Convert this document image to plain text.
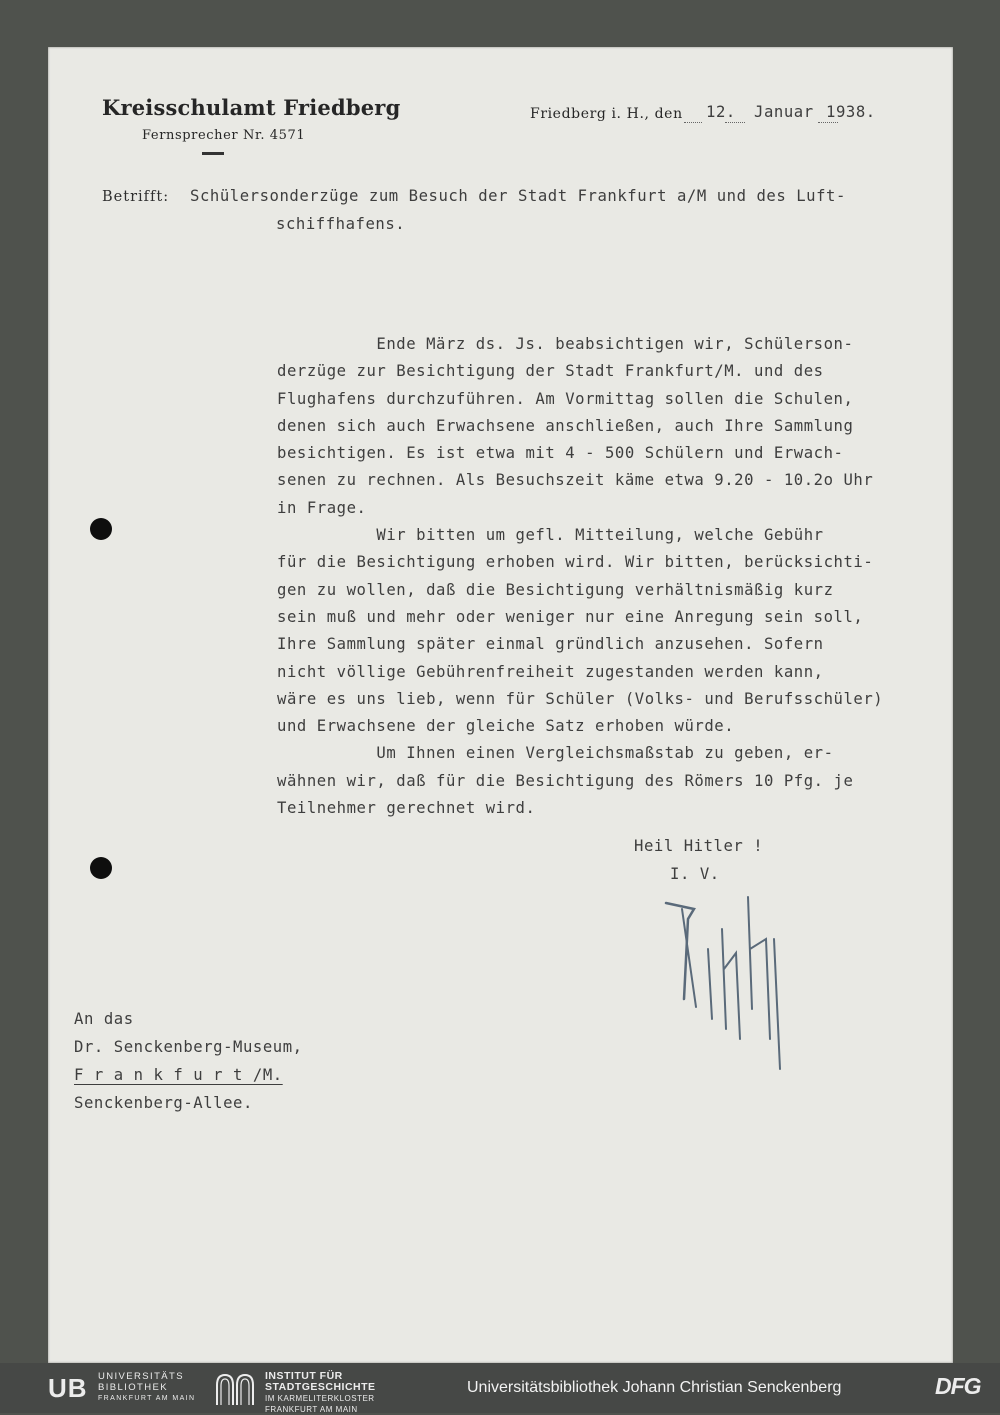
Kreisschulamt Friedberg
Fernsprecher Nr. 4571
Friedberg i. H., den 12. Januar 1938.
Betrifft: Schülersonderzüge zum Besuch der Stadt Frankfurt a/M und des Luft-
schiffhafens.
Ende März ds. Js. beabsichtigen wir, Schülerson-
derzüge zur Besichtigung der Stadt Frankfurt/M. und des
Flughafens durchzuführen. Am Vormittag sollen die Schulen,
denen sich auch Erwachsene anschließen, auch Ihre Sammlung
besichtigen. Es ist etwa mit 4 - 500 Schülern und Erwach-
senen zu rechnen. Als Besuchszeit käme etwa 9.20 - 10.2o Uhr
in Frage.
Wir bitten um gefl. Mitteilung, welche Gebühr
für die Besichtigung erhoben wird. Wir bitten, berücksichti-
gen zu wollen, daß die Besichtigung verhältnismäßig kurz
sein muß und mehr oder weniger nur eine Anregung sein soll,
Ihre Sammlung später einmal gründlich anzusehen. Sofern
nicht völlige Gebührenfreiheit zugestanden werden kann,
wäre es uns lieb, wenn für Schüler (Volks- und Berufsschüler)
und Erwachsene der gleiche Satz erhoben würde.
Um Ihnen einen Vergleichsmaßstab zu geben, er-
wähnen wir, daß für die Besichtigung des Römers 10 Pfg. je
Teilnehmer gerechnet wird.
Heil Hitler !
I. V.
An das
Dr. Senckenberg-Museum,
F r a n k f u r t /M.
Senckenberg-Allee.
UB UNIVERSITÄTS
BIBLIOTHEK
FRANKFURT AM MAIN
INSTITUT FÜR
STADTGESCHICHTE
IM KARMELITERKLOSTER
FRANKFURT AM MAIN
Universitätsbibliothek Johann Christian Senckenberg	DFG
